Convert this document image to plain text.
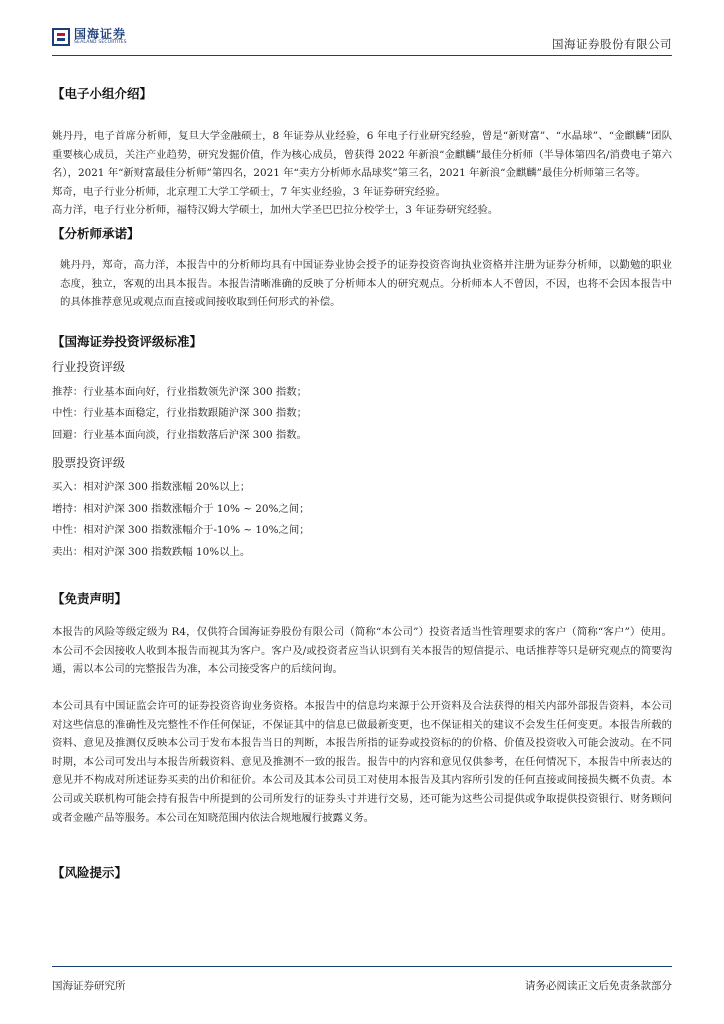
国海证券
SEALAND SECURITIES	国海证券股份有限公司
【电子小组介绍】

姚丹丹，电子首席分析师，复旦大学金融硕士，8 年证券从业经验，6 年电子行业研究经验，曾是“新财富”、“水晶球”、“金麒麟”团队重要核心成员，关注产业趋势，研究发掘价值，作为核心成员，曾获得 2022 年新浪“金麒麟”最佳分析师（半导体第四名/消费电子第六名），2021 年“新财富最佳分析师”第四名，2021 年“卖方分析师水晶球奖”第三名，2021 年新浪“金麒麟”最佳分析师第三名等。

郑奇，电子行业分析师，北京理工大学工学硕士，7 年实业经验，3 年证券研究经验。

高力洋，电子行业分析师，福特汉姆大学硕士，加州大学圣巴巴拉分校学士，3 年证券研究经验。

【分析师承诺】

姚丹丹，郑奇，高力洋，本报告中的分析师均具有中国证券业协会授予的证券投资咨询执业资格并注册为证券分析师，以勤勉的职业态度，独立，客观的出具本报告。本报告清晰准确的反映了分析师本人的研究观点。分析师本人不曾因，不因，也将不会因本报告中的具体推荐意见或观点而直接或间接收取到任何形式的补偿。

【国海证券投资评级标准】
行业投资评级
推荐：行业基本面向好，行业指数领先沪深 300 指数；
中性：行业基本面稳定，行业指数跟随沪深 300 指数；
回避：行业基本面向淡，行业指数落后沪深 300 指数。
股票投资评级
买入：相对沪深 300 指数涨幅 20%以上；
增持：相对沪深 300 指数涨幅介于 10% ~ 20%之间；
中性：相对沪深 300 指数涨幅介于-10% ~ 10%之间；
卖出：相对沪深 300 指数跌幅 10%以上。
【免责声明】

本报告的风险等级定级为 R4，仅供符合国海证券股份有限公司（简称“本公司”）投资者适当性管理要求的客户（简称“客户”）使用。本公司不会因接收人收到本报告而视其为客户。客户及/或投资者应当认识到有关本报告的短信提示、电话推荐等只是研究观点的简要沟通，需以本公司的完整报告为准，本公司接受客户的后续问询。

本公司具有中国证监会许可的证券投资咨询业务资格。本报告中的信息均来源于公开资料及合法获得的相关内部外部报告资料，本公司对这些信息的准确性及完整性不作任何保证，不保证其中的信息已做最新变更，也不保证相关的建议不会发生任何变更。本报告所载的资料、意见及推测仅反映本公司于发布本报告当日的判断，本报告所指的证券或投资标的的价格、价值及投资收入可能会波动。在不同时期，本公司可发出与本报告所载资料、意见及推测不一致的报告。报告中的内容和意见仅供参考，在任何情况下，本报告中所表达的意见并不构成对所述证券买卖的出价和征价。本公司及其本公司员工对使用本报告及其内容所引发的任何直接或间接损失概不负责。本公司或关联机构可能会持有报告中所提到的公司所发行的证券头寸并进行交易，还可能为这些公司提供或争取提供投资银行、财务顾问或者金融产品等服务。本公司在知晓范围内依法合规地履行披露义务。

【风险提示】
国海证券研究所	请务必阅读正文后免责条款部分
